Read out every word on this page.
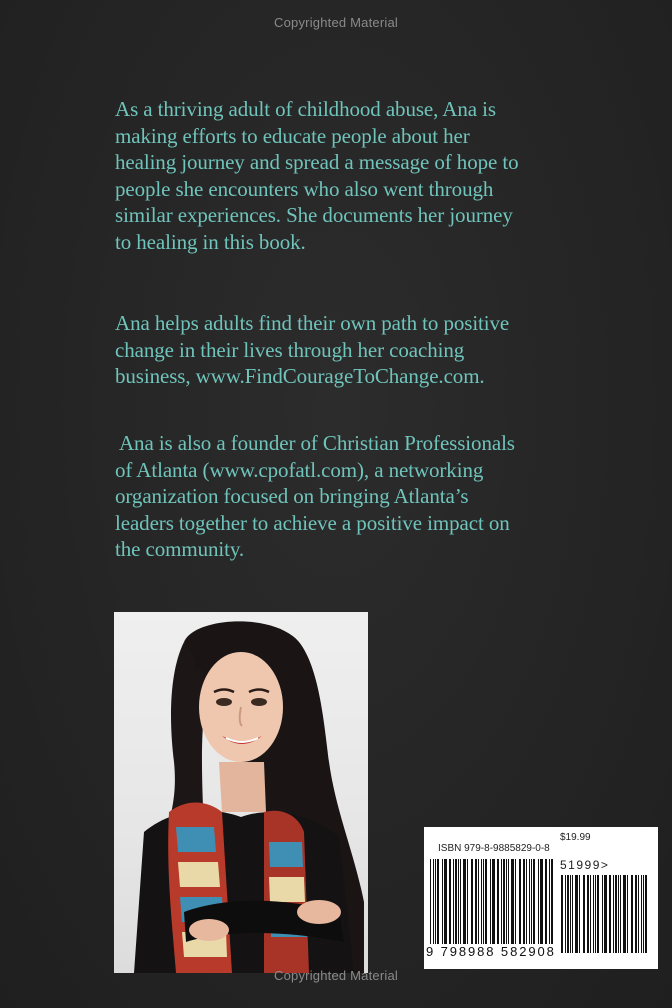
Copyrighted Material
As a thriving adult of childhood abuse, Ana is
making efforts to educate people about her
healing journey and spread a message of hope to
people she encounters who also went through
similar experiences. She documents her journey
to healing in this book.
Ana helps adults find their own path to positive
change in their lives through her coaching
business, www.FindCourageToChange.com.
Ana is also a founder of Christian Professionals
of Atlanta (www.cpofatl.com), a networking
organization focused on bringing Atlanta’s
leaders together to achieve a positive impact on
the community.
$19.99
ISBN 979-8-9885829-0-8
51999>
9 798988 582908
Copyrighted Material
